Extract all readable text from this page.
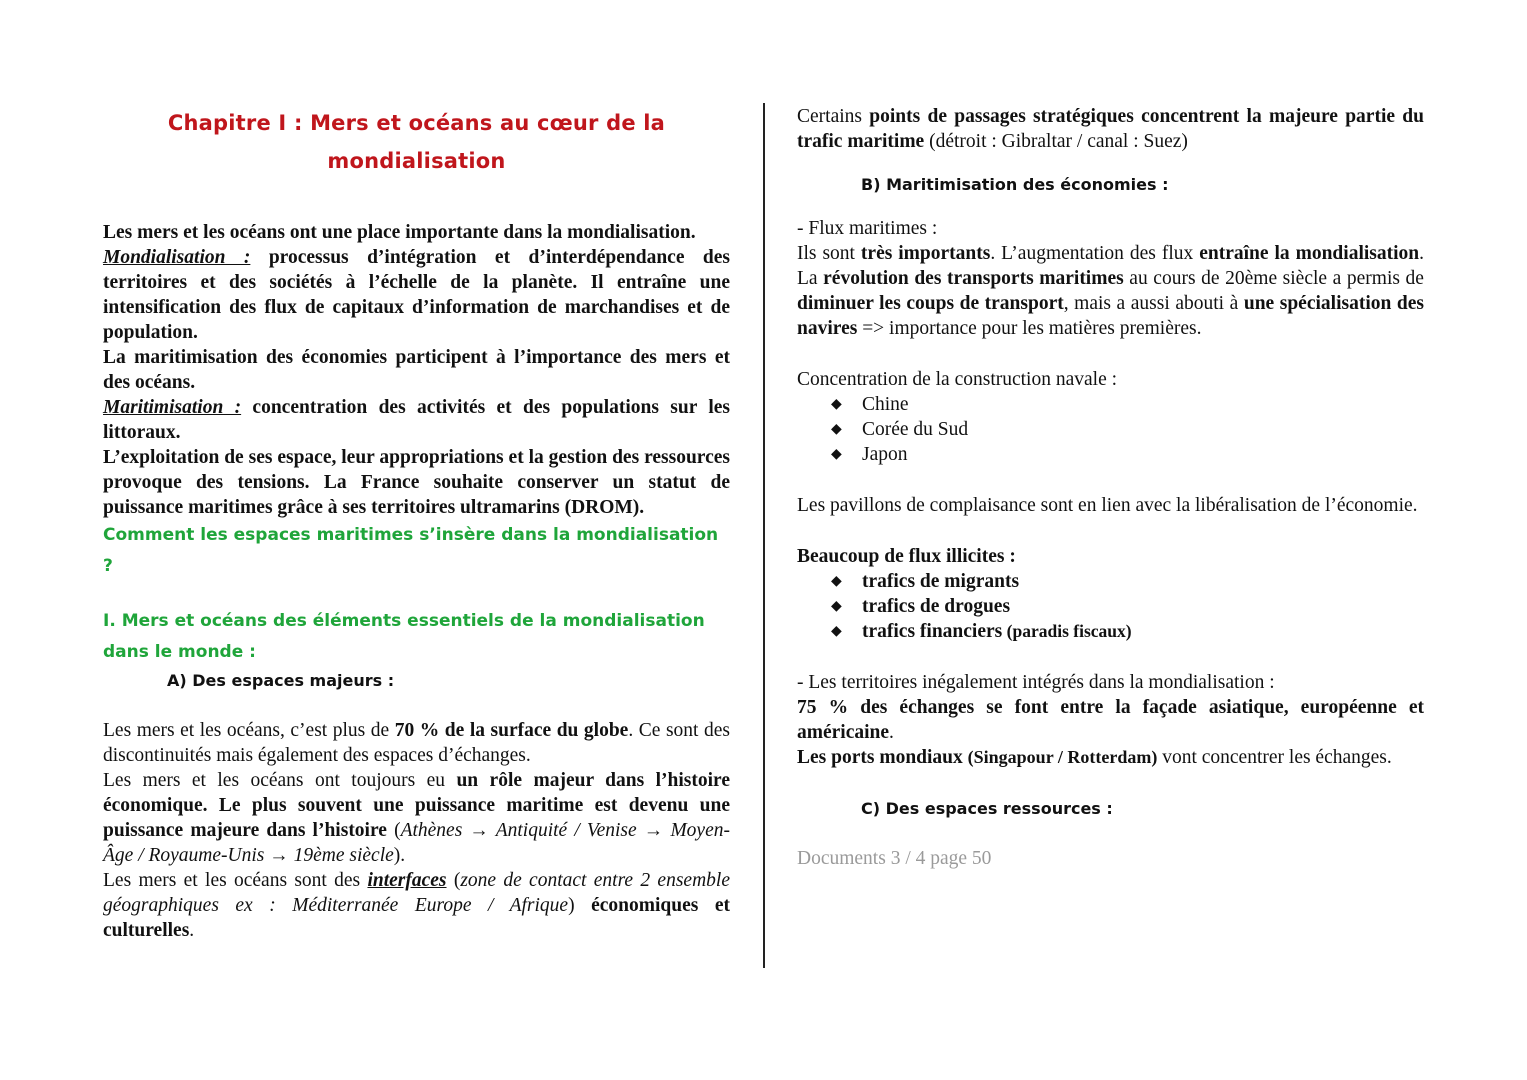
Chapitre I : Mers et océans au cœur de la
mondialisation

Les mers et les océans ont une place importante dans la mondialisation.

Mondialisation : processus d’intégration et d’interdépendance des territoires et des sociétés à l’échelle de la planète. Il entraîne une intensification des flux de capitaux d’information de marchandises et de population.

La maritimisation des économies participent à l’importance des mers et des océans.

Maritimisation : concentration des activités et des populations sur les littoraux.

L’exploitation de ses espace, leur appropriations et la gestion des ressources provoque des tensions. La France souhaite conserver un statut de puissance maritimes grâce à ses territoires ultramarins (DROM).

Comment les espaces maritimes s’insère dans la mondialisation ?

I. Mers et océans des éléments essentiels de la mondialisation
dans le monde :

A) Des espaces majeurs :

Les mers et les océans, c’est plus de 70 % de la surface du globe. Ce sont des discontinuités mais également des espaces d’échanges.

Les mers et les océans ont toujours eu un rôle majeur dans l’histoire économique. Le plus souvent une puissance maritime est devenu une puissance majeure dans l’histoire (Athènes → Antiquité / Venise → Moyen-Âge / Royaume-Unis → 19ème siècle).

Les mers et les océans sont des interfaces (zone de contact entre 2 ensemble géographiques ex : Méditerranée Europe / Afrique) économiques et culturelles.

Certains points de passages stratégiques concentrent la majeure partie du trafic maritime (détroit : Gibraltar / canal : Suez)

B) Maritimisation des économies :

- Flux maritimes :

Ils sont très importants. L’augmentation des flux entraîne la mondialisation. La révolution des transports maritimes au cours de 20ème siècle a permis de diminuer les coups de transport, mais a aussi abouti à une spécialisation des navires => importance pour les matières premières.

Concentration de la construction navale :

◆ Chine
◆ Corée du Sud
◆ Japon

Les pavillons de complaisance sont en lien avec la libéralisation de l’économie.

Beaucoup de flux illicites :

◆ trafics de migrants
◆ trafics de drogues
◆ trafics financiers (paradis fiscaux)

- Les territoires inégalement intégrés dans la mondialisation :

75 % des échanges se font entre la façade asiatique, européenne et américaine.

Les ports mondiaux (Singapour / Rotterdam) vont concentrer les échanges.

C) Des espaces ressources :

Documents 3 / 4 page 50
